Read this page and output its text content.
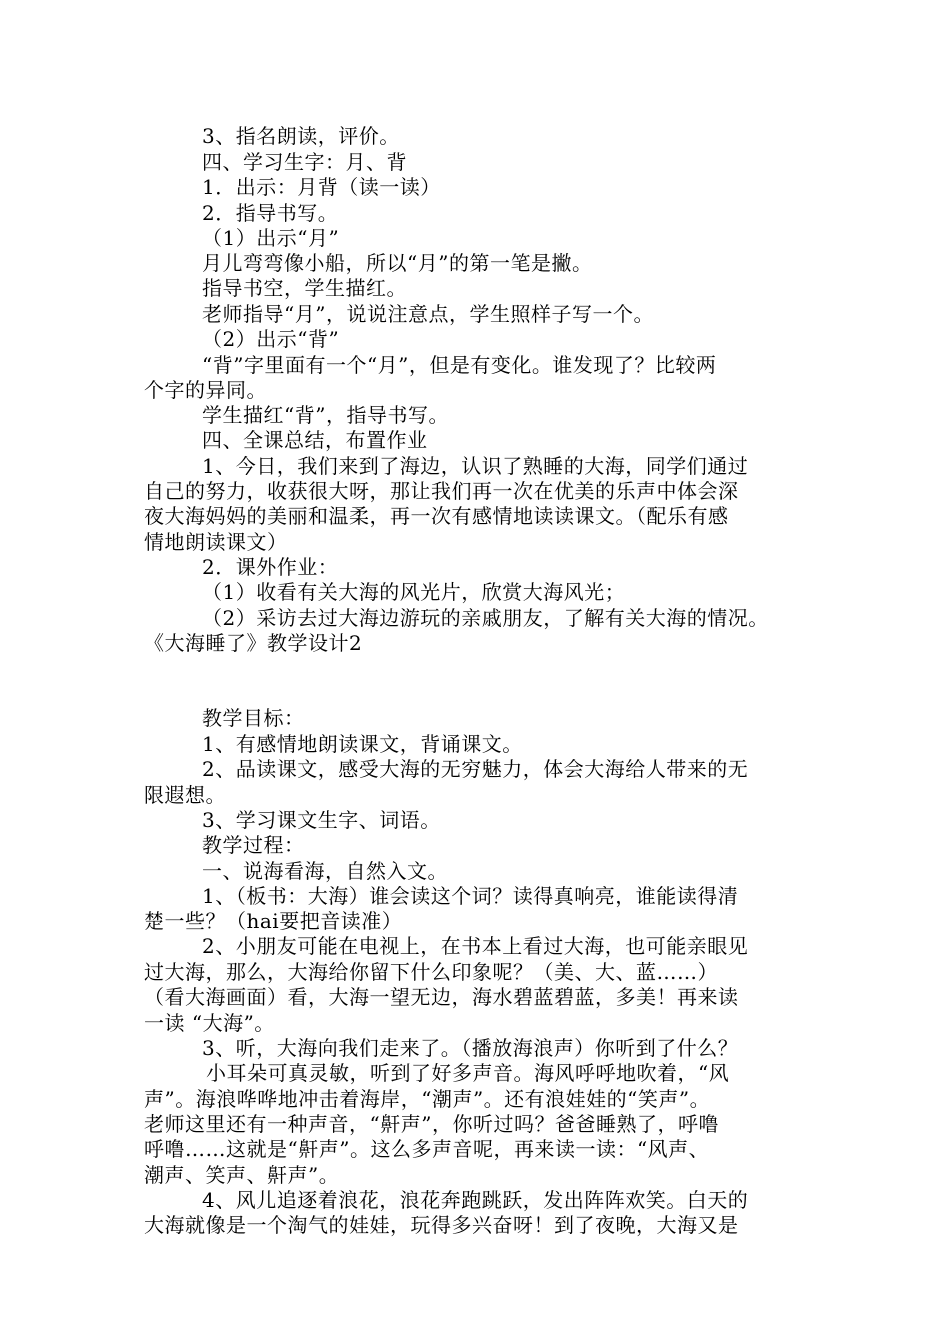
3、指名朗读，评价。
四、学习生字：月、背
1．出示：月背（读一读）
2．指导书写。
（1）出示“月”
月儿弯弯像小船，所以“月”的第一笔是撇。
指导书空，学生描红。
老师指导“月”，说说注意点，学生照样子写一个。
（2）出示“背”
“背”字里面有一个“月”，但是有变化。谁发现了？比较两
个字的异同。
学生描红“背”，指导书写。
四、全课总结，布置作业
1、今日，我们来到了海边，认识了熟睡的大海，同学们通过
自己的努力，收获很大呀，那让我们再一次在优美的乐声中体会深
夜大海妈妈的美丽和温柔，再一次有感情地读读课文。（配乐有感
情地朗读课文）
2．课外作业：
（1）收看有关大海的风光片，欣赏大海风光；
（2）采访去过大海边游玩的亲戚朋友，了解有关大海的情况。
《大海睡了》教学设计2
教学目标：
1、有感情地朗读课文，背诵课文。
2、品读课文，感受大海的无穷魅力，体会大海给人带来的无
限遐想。
3、学习课文生字、词语。
教学过程：
一、说海看海，自然入文。
1、（板书：大海）谁会读这个词？读得真响亮，谁能读得清
楚一些？（hai要把音读准）
2、小朋友可能在电视上，在书本上看过大海，也可能亲眼见
过大海，那么，大海给你留下什么印象呢？（美、大、蓝……）
（看大海画面）看，大海一望无边，海水碧蓝碧蓝，多美！再来读
一读 “大海”。
3、听，大海向我们走来了。（播放海浪声）你听到了什么？
小耳朵可真灵敏，听到了好多声音。海风呼呼地吹着，“风
声”。海浪哗哗地冲击着海岸，“潮声”。还有浪娃娃的“笑声”。
老师这里还有一种声音，“鼾声”，你听过吗？爸爸睡熟了，呼噜
呼噜……这就是“鼾声”。这么多声音呢，再来读一读：“风声、
潮声、笑声、鼾声”。
4、风儿追逐着浪花，浪花奔跑跳跃，发出阵阵欢笑。白天的
大海就像是一个淘气的娃娃，玩得多兴奋呀！到了夜晚，大海又是
